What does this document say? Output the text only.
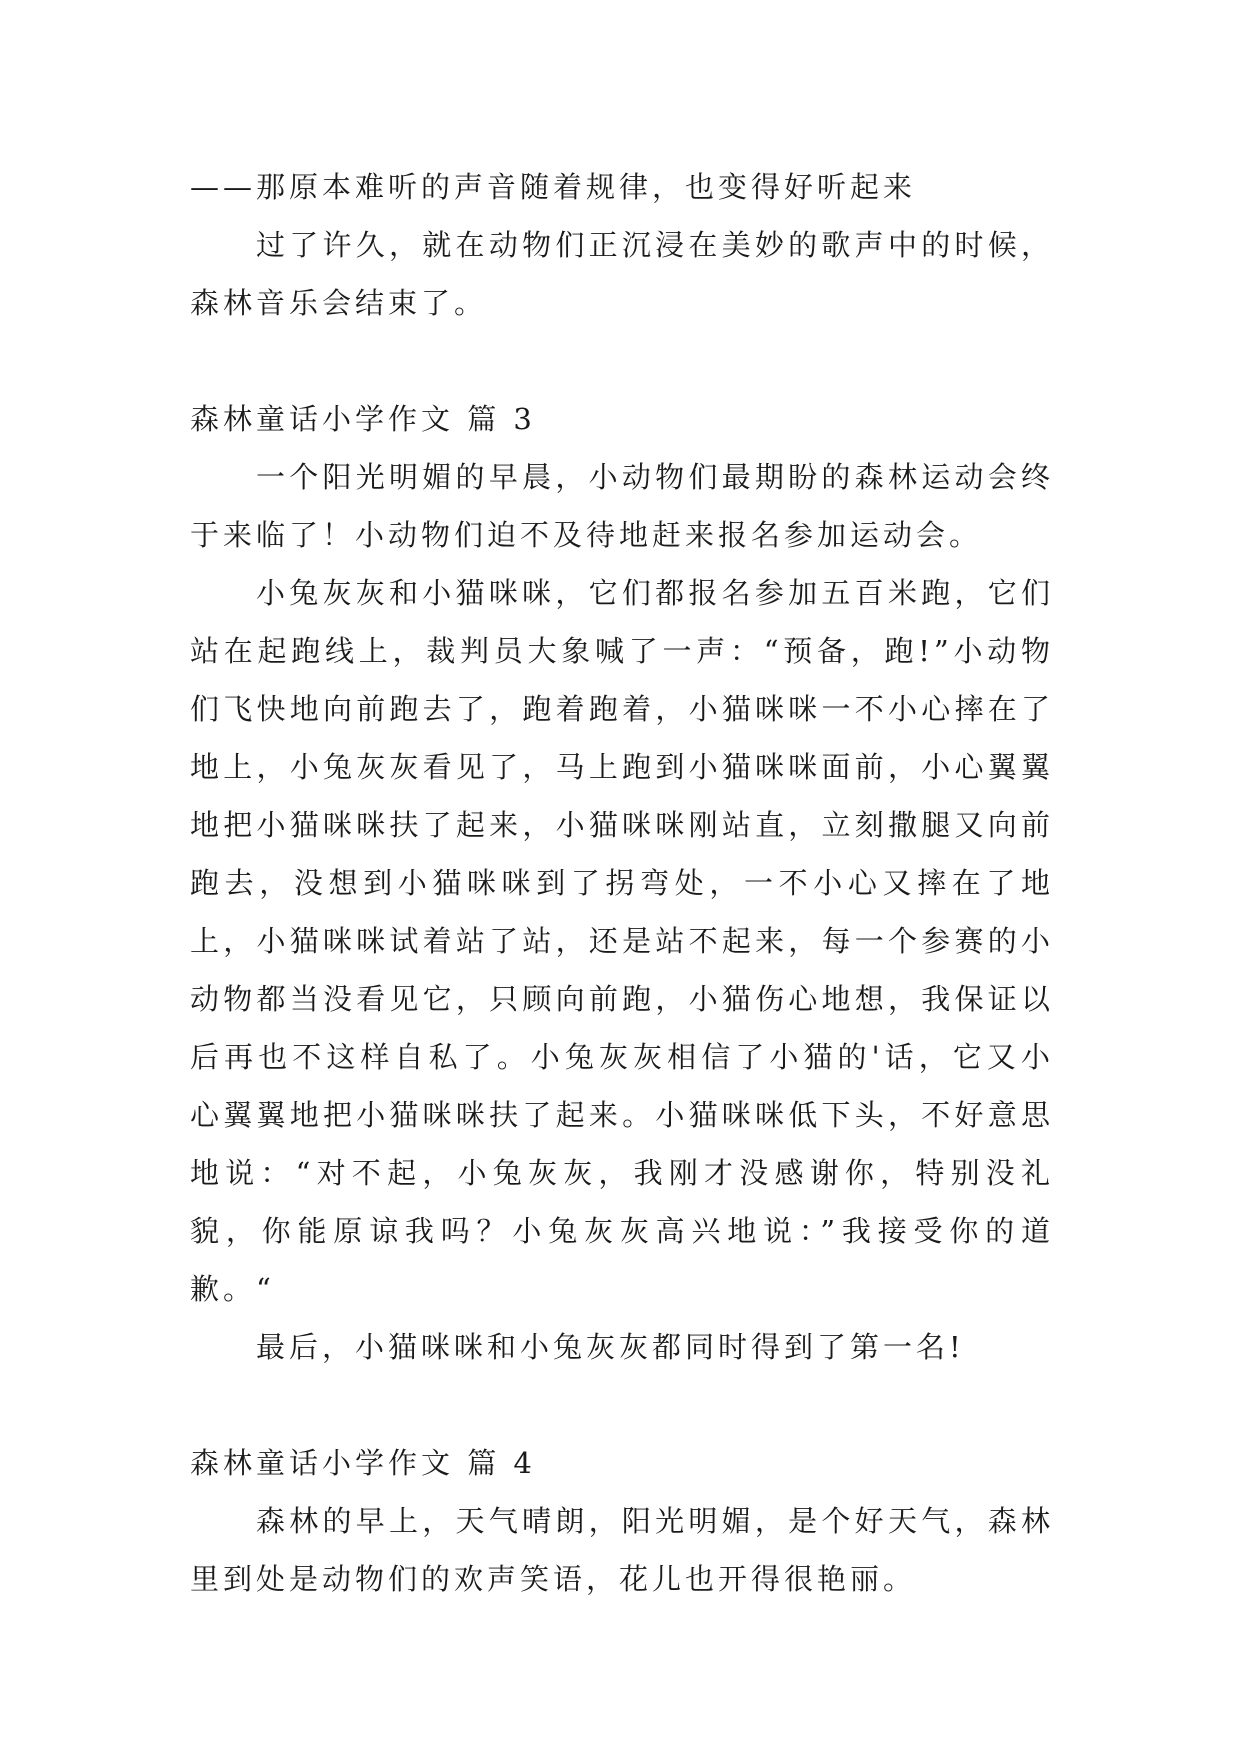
——那原本难听的声音随着规律，也变得好听起来

过了许久，就在动物们正沉浸在美妙的歌声中的时候，森林音乐会结束了。

森林童话小学作文 篇 3

一个阳光明媚的早晨，小动物们最期盼的森林运动会终于来临了！小动物们迫不及待地赶来报名参加运动会。

小兔灰灰和小猫咪咪，它们都报名参加五百米跑，它们站在起跑线上，裁判员大象喊了一声：“预备，跑!”小动物们飞快地向前跑去了，跑着跑着，小猫咪咪一不小心摔在了地上，小兔灰灰看见了，马上跑到小猫咪咪面前，小心翼翼地把小猫咪咪扶了起来，小猫咪咪刚站直，立刻撒腿又向前跑去，没想到小猫咪咪到了拐弯处，一不小心又摔在了地上，小猫咪咪试着站了站，还是站不起来，每一个参赛的小动物都当没看见它，只顾向前跑，小猫伤心地想，我保证以后再也不这样自私了。小兔灰灰相信了小猫的'话，它又小心翼翼地把小猫咪咪扶了起来。小猫咪咪低下头，不好意思地说：“对不起，小兔灰灰，我刚才没感谢你，特别没礼貌，你能原谅我吗？小兔灰灰高兴地说：”我接受你的道歉。“

最后，小猫咪咪和小兔灰灰都同时得到了第一名!

森林童话小学作文 篇 4

森林的早上，天气晴朗，阳光明媚，是个好天气，森林里到处是动物们的欢声笑语，花儿也开得很艳丽。
